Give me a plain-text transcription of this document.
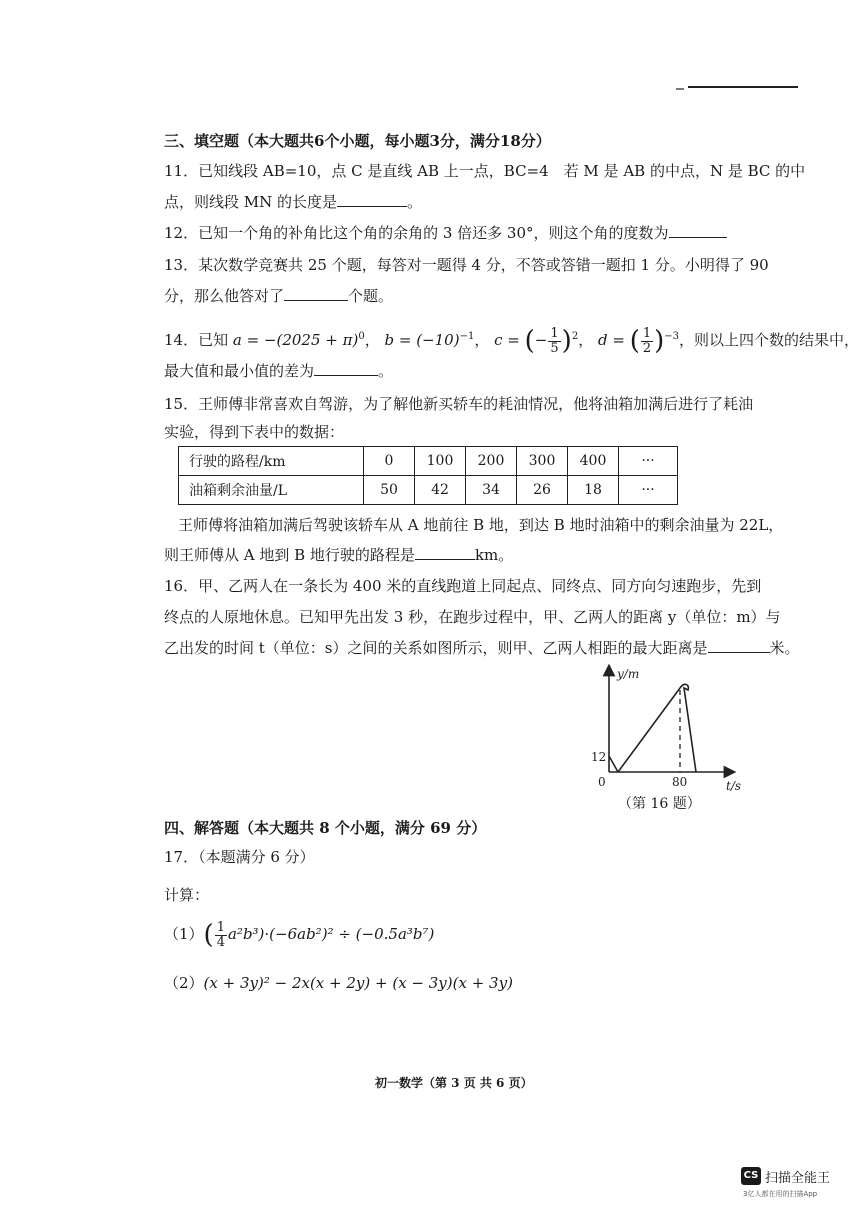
三、填空题（本大题共6个小题，每小题3分，满分18分）
11．已知线段 AB=10，点 C 是直线 AB 上一点，BC=4　若 M 是 AB 的中点，N 是 BC 的中
点，则线段 MN 的长度是	。
12．已知一个角的补角比这个角的余角的 3 倍还多 30°，则这个角的度数为
13．某次数学竞赛共 25 个题，每答对一题得 4 分，不答或答错一题扣 1 分。小明得了 90
分，那么他答对了	个题。
14．已知 $a = -(2025 + \pi)^0$， $b = (-10)^{-1}$， c = (− $\frac{1}{5} )^2$， d = ( $\frac{1}{2} )^{-3}$，则以上四个数的结果中，
最大值和最小值的差为	。
15．王师傅非常喜欢自驾游，为了解他新买轿车的耗油情况，他将油箱加满后进行了耗油
实验，得到下表中的数据：
行驶的路程/km	0	100	200	300	400	···
油箱剩余油量/L	50	42	34	26	18	···
王师傅将油箱加满后驾驶该轿车从 A 地前往 B 地，到达 B 地时油箱中的剩余油量为 22L，
则王师傅从 A 地到 B 地行驶的路程是	km。
16．甲、乙两人在一条长为 400 米的直线跑道上同起点、同终点、同方向匀速跑步，先到
终点的人原地休息。已知甲先出发 3 秒，在跑步过程中，甲、乙两人的距离 y（单位：m）与
乙出发的时间 t（单位：s）之间的关系如图所示，则甲、乙两人相距的最大距离是	米。
y/m
t/s
0
12
80
（第 16 题）
四、解答题（本大题共 8 个小题，满分 69 分）
17．（本题满分 6 分）
计算：
$(1)( \frac{1}{4} a^2b^3)\cdot(-6ab^2)^2 \div (-0.5a^3b^7)$
（2）(x + 3y)² − 2x(x + 2y) + (x − 3y)(x + 3y)
初一数学（第 3 页 共 6 页）
CS 扫描全能王
3亿人都在用的扫描App
